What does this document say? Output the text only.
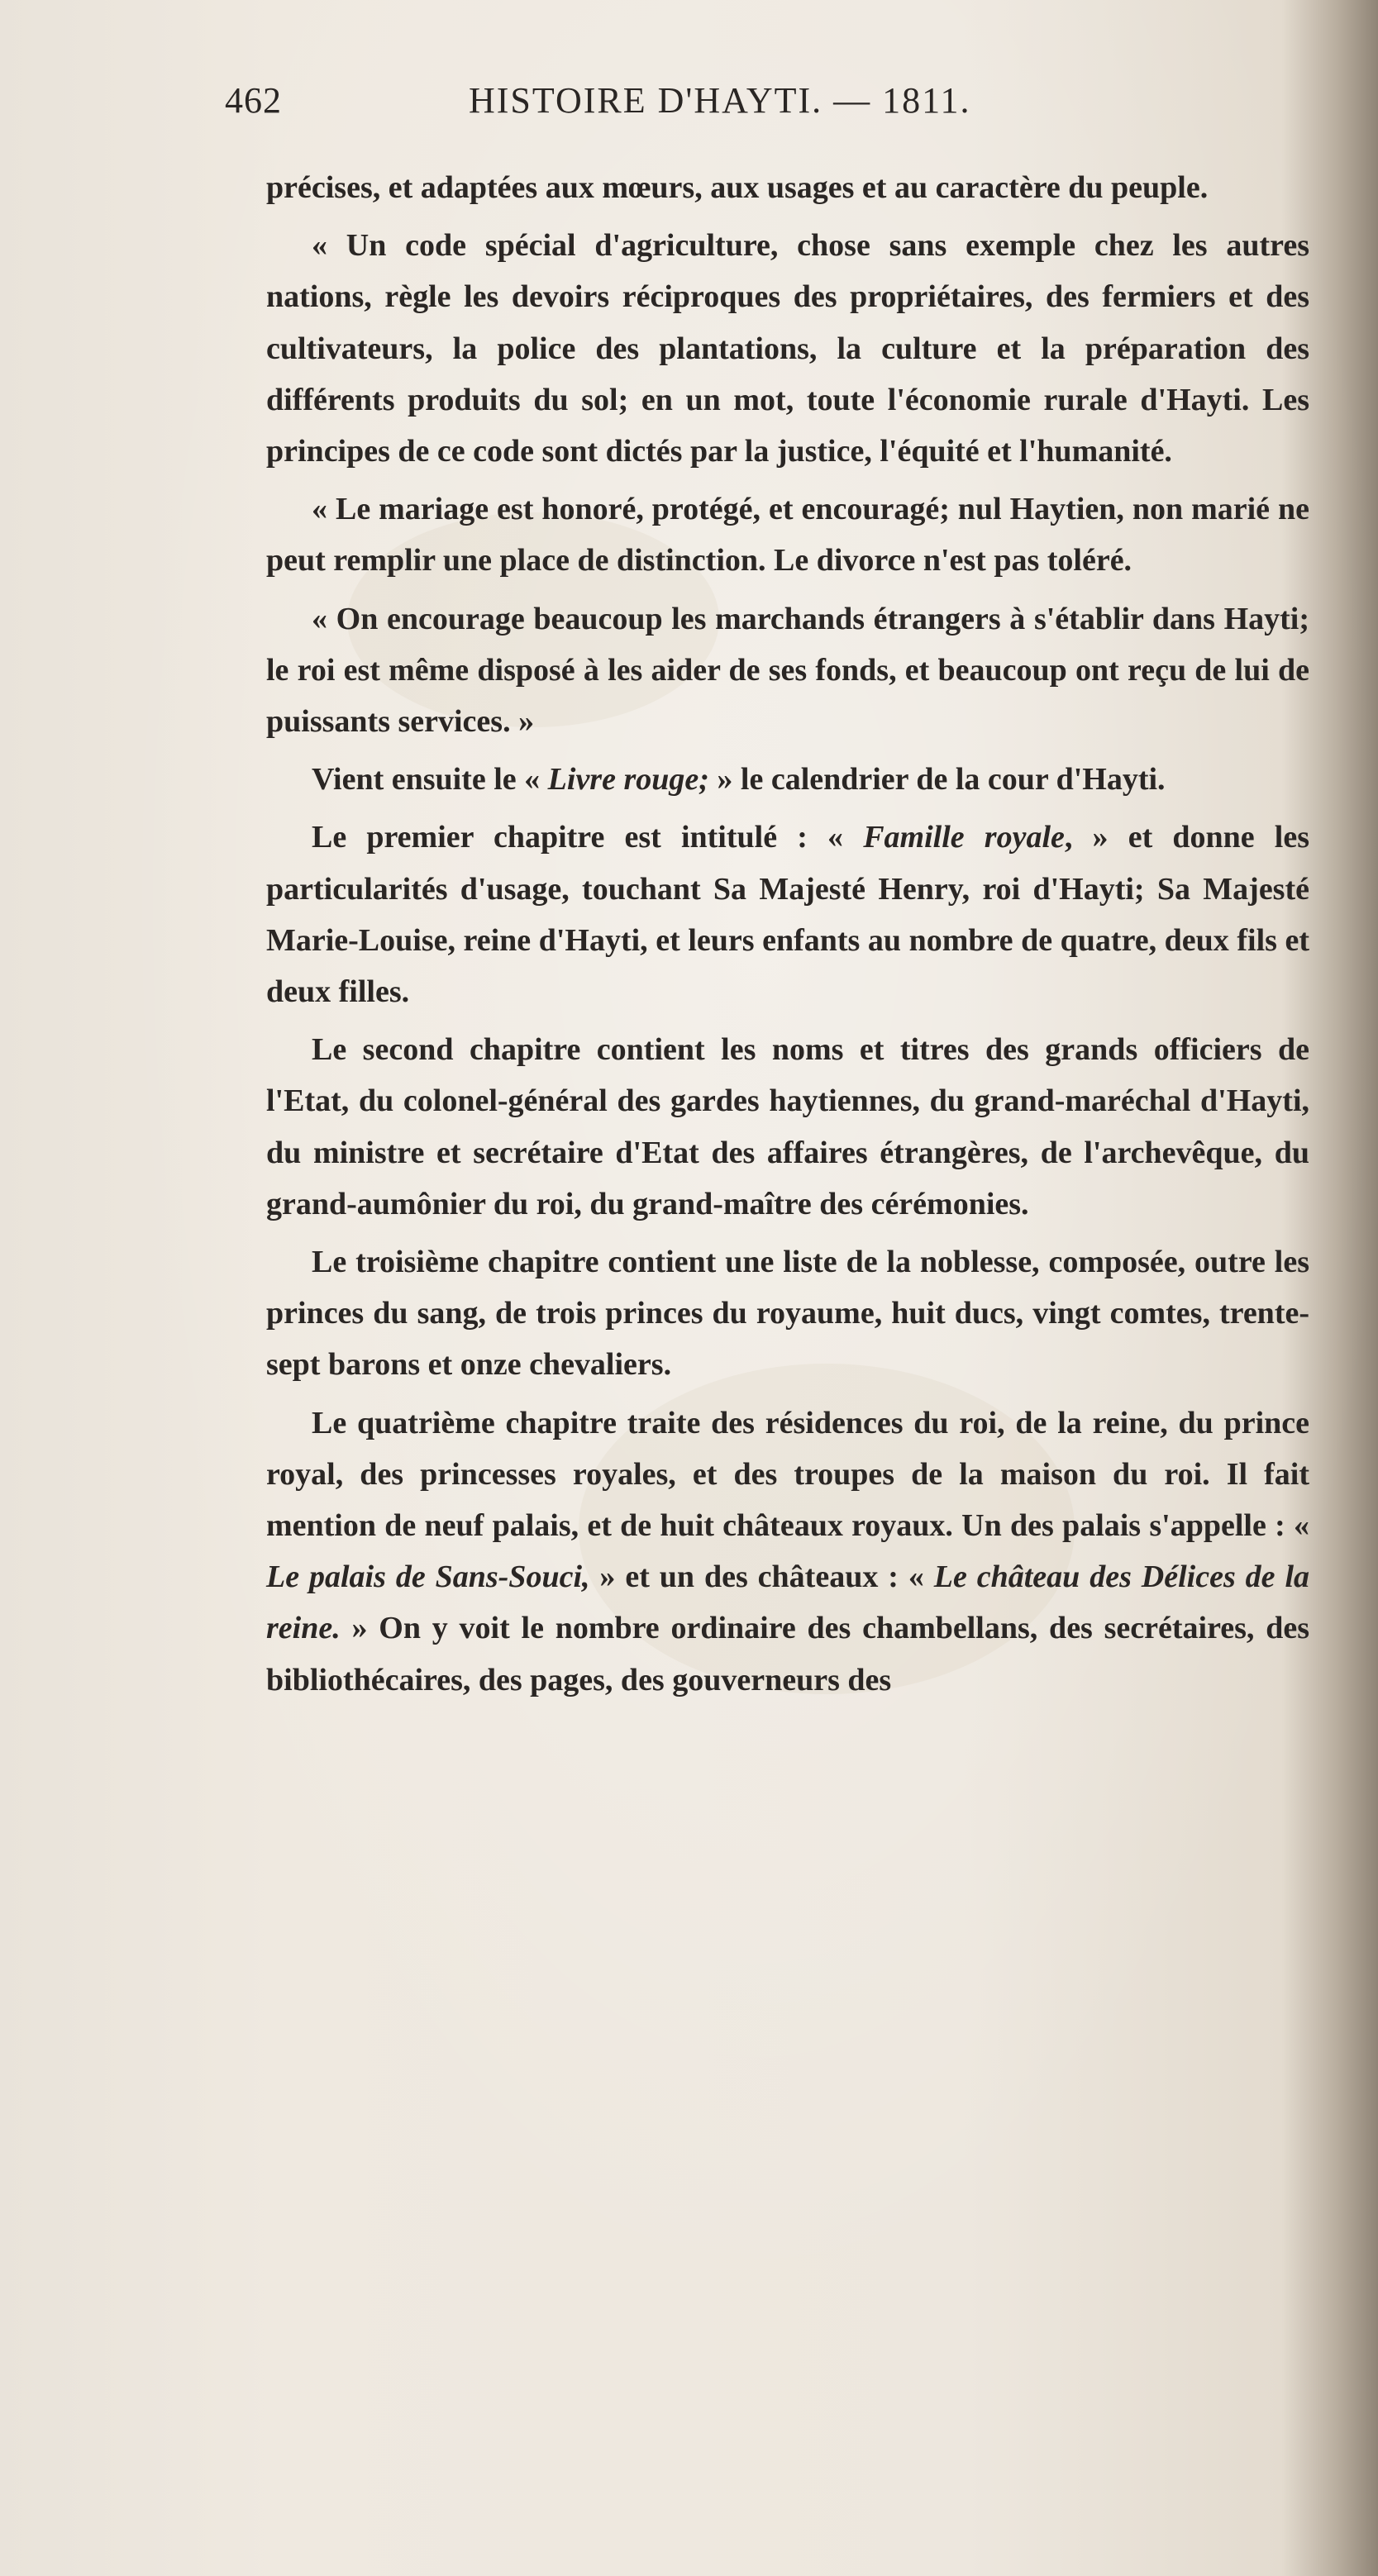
462	HISTOIRE D'HAYTI. — 1811.

précises, et adaptées aux mœurs, aux usages et au caractère du peuple.

« Un code spécial d'agriculture, chose sans exemple chez les autres nations, règle les devoirs réciproques des propriétaires, des fermiers et des cultivateurs, la police des plantations, la culture et la préparation des différents produits du sol; en un mot, toute l'économie rurale d'Hayti. Les principes de ce code sont dictés par la justice, l'équité et l'humanité.

« Le mariage est honoré, protégé, et encouragé; nul Haytien, non marié ne peut remplir une place de distinction. Le divorce n'est pas toléré.

« On encourage beaucoup les marchands étrangers à s'établir dans Hayti; le roi est même disposé à les aider de ses fonds, et beaucoup ont reçu de lui de puissants services. »

Vient ensuite le « Livre rouge; » le calendrier de la cour d'Hayti.

Le premier chapitre est intitulé : « Famille royale, » et donne les particularités d'usage, touchant Sa Majesté Henry, roi d'Hayti; Sa Majesté Marie-Louise, reine d'Hayti, et leurs enfants au nombre de quatre, deux fils et deux filles.

Le second chapitre contient les noms et titres des grands officiers de l'Etat, du colonel-général des gardes haytiennes, du grand-maréchal d'Hayti, du ministre et secrétaire d'Etat des affaires étrangères, de l'archevêque, du grand-aumônier du roi, du grand-maître des cérémonies.

Le troisième chapitre contient une liste de la noblesse, composée, outre les princes du sang, de trois princes du royaume, huit ducs, vingt comtes, trente-sept barons et onze chevaliers.

Le quatrième chapitre traite des résidences du roi, de la reine, du prince royal, des princesses royales, et des troupes de la maison du roi. Il fait mention de neuf palais, et de huit châteaux royaux. Un des palais s'appelle : « Le palais de Sans-Souci, » et un des châteaux : « Le château des Délices de la reine. » On y voit le nombre ordinaire des chambellans, des secrétaires, des bibliothécaires, des pages, des gouverneurs des
